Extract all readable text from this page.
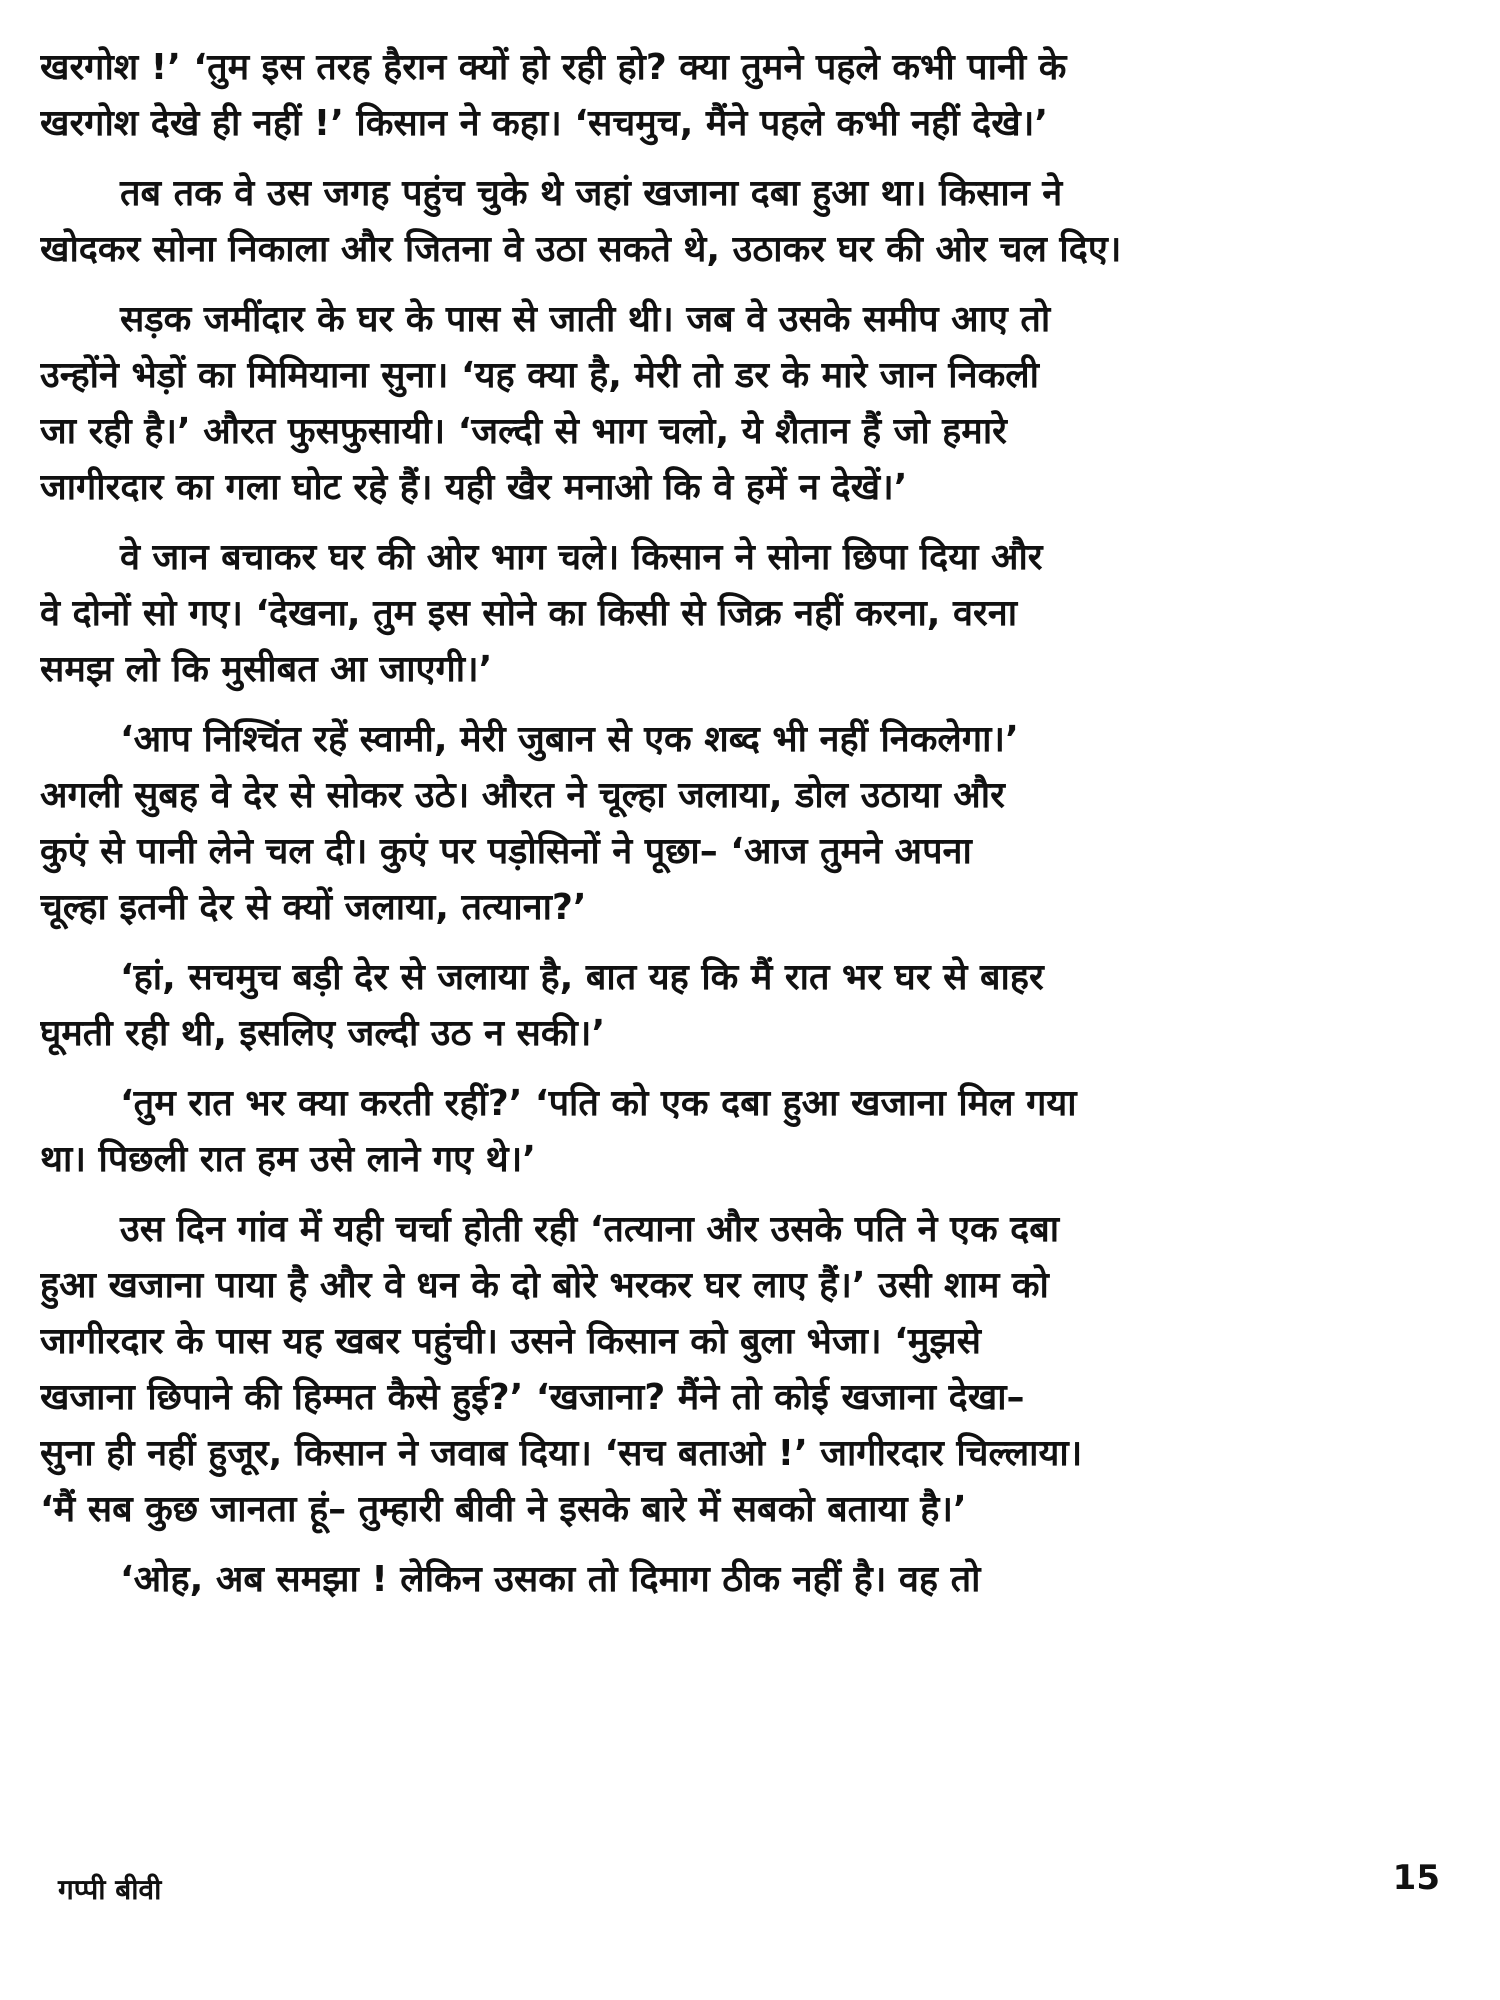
खरगोश !’ ‘तुम इस तरह हैरान क्यों हो रही हो? क्या तुमने पहले कभी पानी के
खरगोश देखे ही नहीं !’ किसान ने कहा। ‘सचमुच, मैंने पहले कभी नहीं देखे।’

तब तक वे उस जगह पहुंच चुके थे जहां खजाना दबा हुआ था। किसान ने
खोदकर सोना निकाला और जितना वे उठा सकते थे, उठाकर घर की ओर चल दिए।

सड़क जमींदार के घर के पास से जाती थी। जब वे उसके समीप आए तो
उन्होंने भेड़ों का मिमियाना सुना। ‘यह क्या है, मेरी तो डर के मारे जान निकली
जा रही है।’ औरत फुसफुसायी। ‘जल्दी से भाग चलो, ये शैतान हैं जो हमारे
जागीरदार का गला घोट रहे हैं। यही खैर मनाओ कि वे हमें न देखें।’

वे जान बचाकर घर की ओर भाग चले। किसान ने सोना छिपा दिया और
वे दोनों सो गए। ‘देखना, तुम इस सोने का किसी से जिक्र नहीं करना, वरना
समझ लो कि मुसीबत आ जाएगी।’

‘आप निश्चिंत रहें स्वामी, मेरी जुबान से एक शब्द भी नहीं निकलेगा।’
अगली सुबह वे देर से सोकर उठे। औरत ने चूल्हा जलाया, डोल उठाया और
कुएं से पानी लेने चल दी। कुएं पर पड़ोसिनों ने पूछा– ‘आज तुमने अपना
चूल्हा इतनी देर से क्यों जलाया, तत्याना?’

‘हां, सचमुच बड़ी देर से जलाया है, बात यह कि मैं रात भर घर से बाहर
घूमती रही थी, इसलिए जल्दी उठ न सकी।’

‘तुम रात भर क्या करती रहीं?’ ‘पति को एक दबा हुआ खजाना मिल गया
था। पिछली रात हम उसे लाने गए थे।’

उस दिन गांव में यही चर्चा होती रही ‘तत्याना और उसके पति ने एक दबा
हुआ खजाना पाया है और वे धन के दो बोरे भरकर घर लाए हैं।’ उसी शाम को
जागीरदार के पास यह खबर पहुंची। उसने किसान को बुला भेजा। ‘मुझसे
खजाना छिपाने की हिम्मत कैसे हुई?’ ‘खजाना? मैंने तो कोई खजाना देखा–
सुना ही नहीं हुजूर, किसान ने जवाब दिया। ‘सच बताओ !’ जागीरदार चिल्लाया।
‘मैं सब कुछ जानता हूं– तुम्हारी बीवी ने इसके बारे में सबको बताया है।’

‘ओह, अब समझा ! लेकिन उसका तो दिमाग ठीक नहीं है। वह तो

गप्पी बीवी	15
